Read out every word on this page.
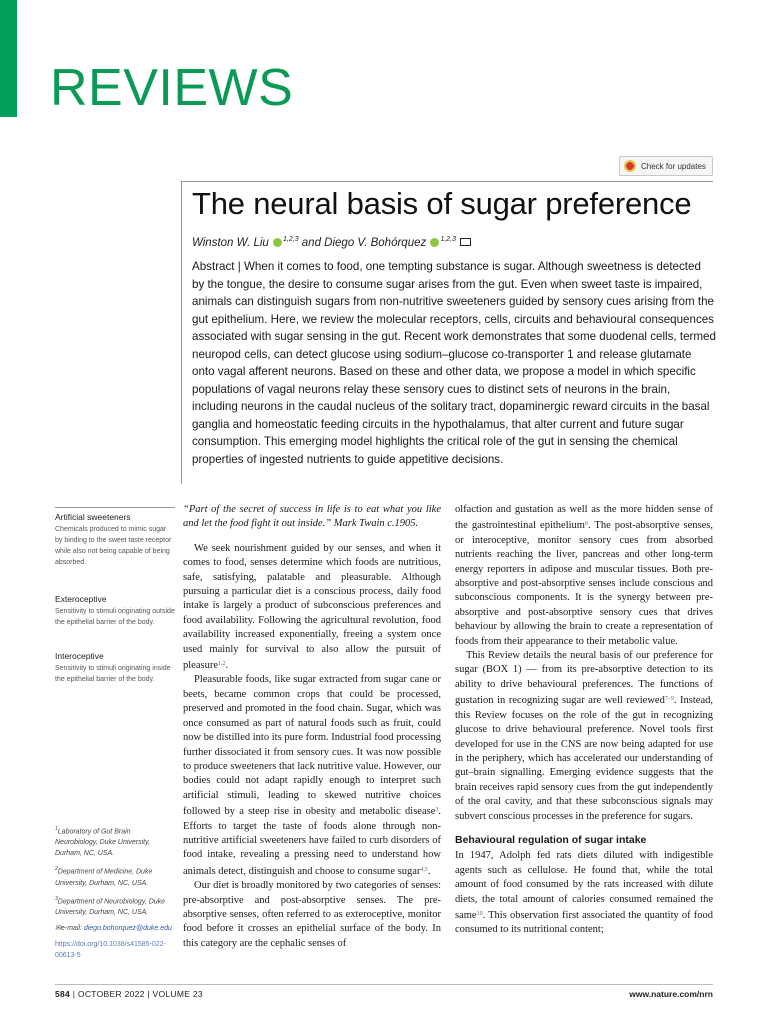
REVIEWS
Check for updates
The neural basis of sugar preference
Winston W. Liu $^{1,2,3}$ and Diego V. Bohórquez $^{1,2,3}$
Abstract | When it comes to food, one tempting substance is sugar. Although sweetness is detected by the tongue, the desire to consume sugar arises from the gut. Even when sweet taste is impaired, animals can distinguish sugars from non-nutritive sweeteners guided by sensory cues arising from the gut epithelium. Here, we review the molecular receptors, cells, circuits and behavioural consequences associated with sugar sensing in the gut. Recent work demonstrates that some duodenal cells, termed neuropod cells, can detect glucose using sodium–glucose co-transporter 1 and release glutamate onto vagal afferent neurons. Based on these and other data, we propose a model in which specific populations of vagal neurons relay these sensory cues to distinct sets of neurons in the brain, including neurons in the caudal nucleus of the solitary tract, dopaminergic reward circuits in the basal ganglia and homeostatic feeding circuits in the hypothalamus, that alter current and future sugar consumption. This emerging model highlights the critical role of the gut in sensing the chemical properties of ingested nutrients to guide appetitive decisions.
Artificial sweeteners
Chemicals produced to mimic sugar by binding to the sweet taste receptor while also not being capable of being absorbed.
Exteroceptive
Sensitivity to stimuli originating outside the epithelial barrier of the body.
Interoceptive
Sensitivity to stimuli originating inside the epithelial barrier of the body.

$^1$Laboratory of Gut Brain Neurobiology, Duke University, Durham, NC, USA.

$^2$Department of Medicine, Duke University, Durham, NC, USA.

$^3$Department of Neurobiology, Duke University, Durham, NC, USA.

✉e-mail: diego.bohorquez@duke.edu

https://doi.org/10.1038/s41585-022-00613-5

“Part of the secret of success in life is to eat what you like and let the food fight it out inside.” Mark Twain c.1905.

We seek nourishment guided by our senses, and when it comes to food, senses determine which foods are nutritious, safe, satisfying, palatable and pleasurable. Although pursuing a particular diet is a conscious process, daily food intake is largely a product of subconscious preferences and food availability. Following the agricultural revolution, food availability increased exponentially, freeing a system once used mainly for survival to also allow the pursuit of pleasure$^{1,2}$.

Pleasurable foods, like sugar extracted from sugar cane or beets, became common crops that could be processed, preserved and promoted in the food chain. Sugar, which was once consumed as part of natural foods such as fruit, could now be distilled into its pure form. Industrial food processing further dissociated it from sensory cues. It was now possible to produce sweeteners that lack nutritive value. However, our bodies could not adapt rapidly enough to interpret such artificial stimuli, leading to skewed nutritive choices followed by a steep rise in obesity and metabolic disease$^3$. Efforts to target the taste of foods alone through non-nutritive artificial sweeteners have failed to curb disorders of food intake, revealing a pressing need to understand how animals detect, distinguish and choose to consume sugar$^{4,5}$.

Our diet is broadly monitored by two categories of senses: pre-absorptive and post-absorptive senses. The pre-absorptive senses, often referred to as exteroceptive, monitor food before it crosses an epithelial surface of the body. In this category are the cephalic senses of

olfaction and gustation as well as the more hidden sense of the gastrointestinal epithelium$^6$. The post-absorptive senses, or interoceptive, monitor sensory cues from absorbed nutrients reaching the liver, pancreas and other long-term energy reporters in adipose and muscular tissues. Both pre-absorptive and post-absorptive senses include conscious and subconscious components. It is the synergy between pre-absorptive and post-absorptive sensory cues that drives behaviour by allowing the brain to create a representation of foods from their appearance to their metabolic value.

This Review details the neural basis of our preference for sugar (BOX 1) — from its pre-absorptive detection to its ability to drive behavioural preferences. The functions of gustation in recognizing sugar are well reviewed$^{7-9}$. Instead, this Review focuses on the role of the gut in recognizing glucose to drive behavioural preference. Novel tools first developed for use in the CNS are now being adapted for use in the periphery, which has accelerated our understanding of gut–brain signalling. Emerging evidence suggests that the brain receives rapid sensory cues from the gut independently of the oral cavity, and that these subconscious signals may subvert conscious processes in the preference for sugars.

Behavioural regulation of sugar intake

In 1947, Adolph fed rats diets diluted with indigestible agents such as cellulose. He found that, while the total amount of food consumed by the rats increased with dilute diets, the total amount of calories consumed remained the same$^{10}$. This observation first associated the quantity of food consumed to its nutritional content;

584 | OCTOBER 2022 | VOLUME 23	www.nature.com/nrn
